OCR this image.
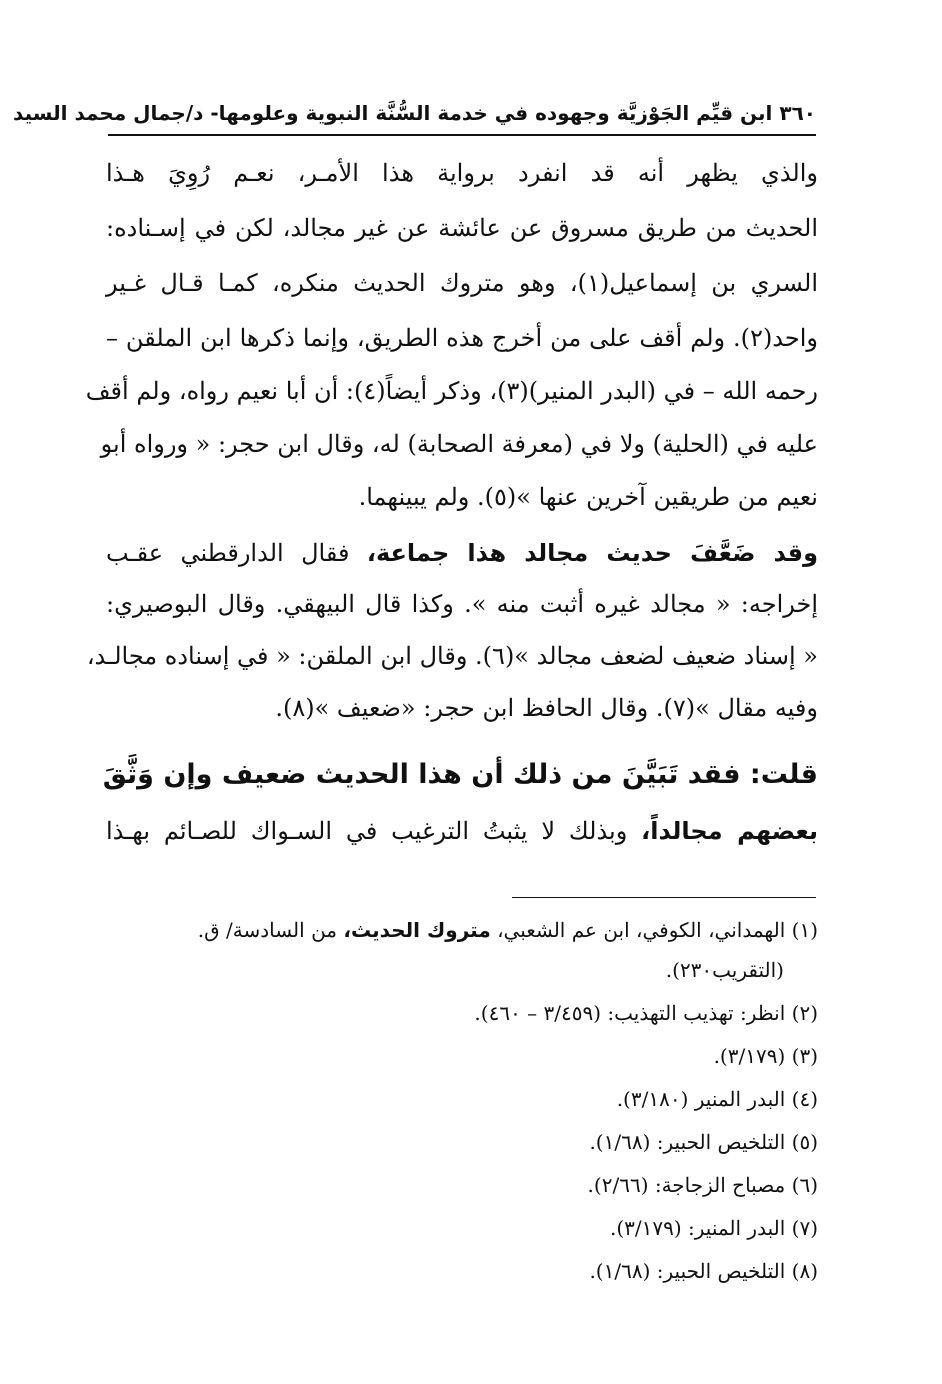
٣٦٠ ابن قيِّم الجَوْزيَّة وجهوده في خدمة السُّنَّة النبوية وعلومها- د/جمال محمد السيد
والذي يظهر أنه قد انفرد برواية هذا الأمـر، نعـم رُوِيَ هـذا
الحديث من طريق مسروق عن عائشة عن غير مجالد، لكن في إسـناده:
السري بن إسماعيل(١)، وهو متروك الحديث منكره، كمـا قـال غـير
واحد(٢). ولم أقف على من أخرج هذه الطريق، وإنما ذكرها ابن الملقن –
رحمه الله – في (البدر المنير)(٣)، وذكر أيضاً(٤): أن أبا نعيم رواه، ولم أقف
عليه في (الحلية) ولا في (معرفة الصحابة) له، وقال ابن حجر: « ورواه أبو
نعيم من طريقين آخرين عنها »(٥). ولم يبينهما.
وقد ضَعَّفَ حديث مجالد هذا جماعة، فقال الدارقطني عقـب
إخراجه: « مجالد غيره أثبت منه ». وكذا قال البيهقي. وقال البوصيري:
« إسناد ضعيف لضعف مجالد »(٦). وقال ابن الملقن: « في إسناده مجالـد،
وفيه مقال »(٧). وقال الحافظ ابن حجر: «ضعيف »(٨).
قلت: فقد تَبَيَّنَ من ذلك أن هذا الحديث ضعيف وإن وَثَّقَ
بعضهم مجالداً، وبذلك لا يثبتُ الترغيب في السـواك للصـائم بهـذا
(١) الهمداني، الكوفي، ابن عم الشعبي، متروك الحديث، من السادسة/ ق.
(التقريب٢٣٠).
(٢) انظر: تهذيب التهذيب: (٣/٤٥٩ – ٤٦٠).
(٣) (٣/١٧٩).
(٤) البدر المنير (٣/١٨٠).
(٥) التلخيص الحبير: (١/٦٨).
(٦) مصباح الزجاجة: (٢/٦٦).
(٧) البدر المنير: (٣/١٧٩).
(٨) التلخيص الحبير: (١/٦٨).
